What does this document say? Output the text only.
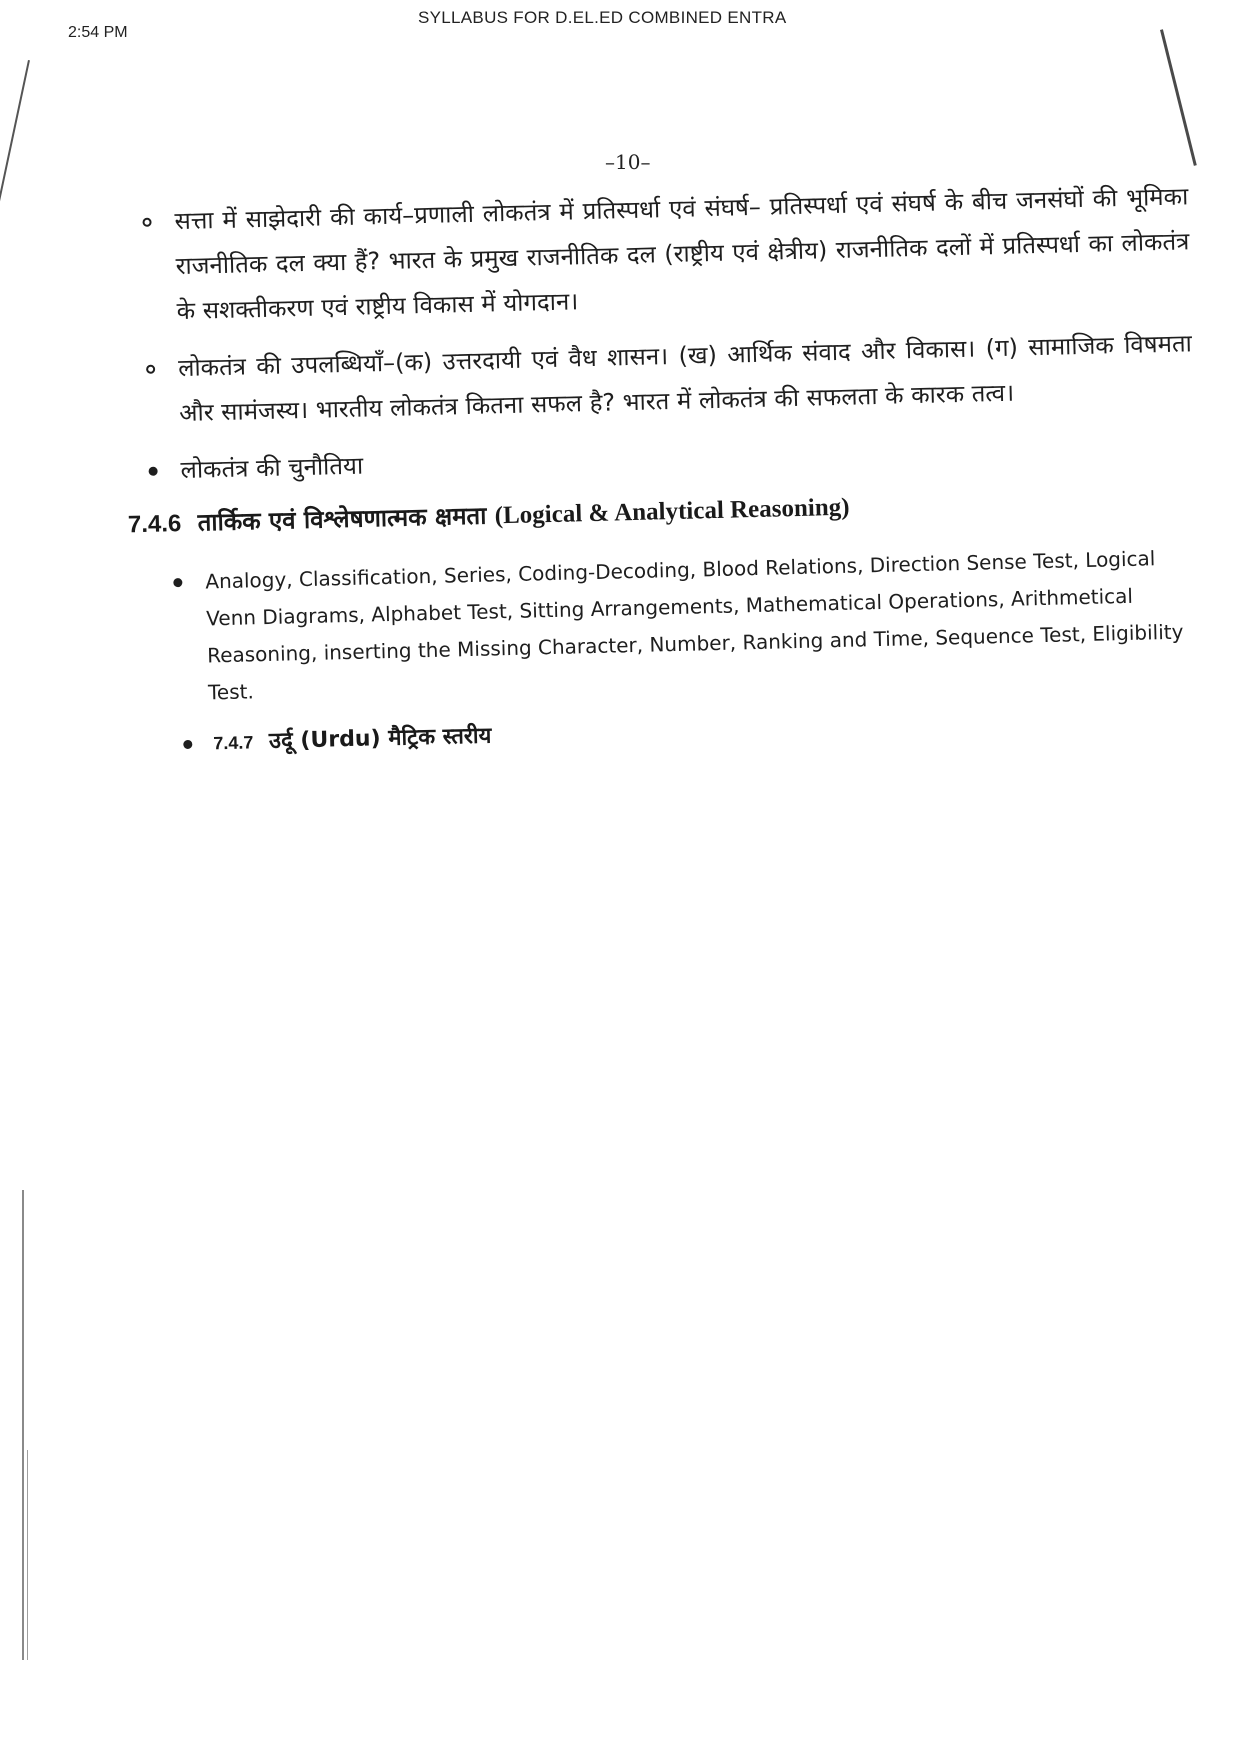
2:54 PM
SYLLABUS FOR D.EL.ED COMBINED ENTRA
–10–
सत्ता में साझेदारी की कार्य–प्रणाली लोकतंत्र में प्रतिस्पर्धा एवं संघर्ष– प्रतिस्पर्धा एवं संघर्ष के बीच जनसंघों की भूमिका राजनीतिक दल क्या हैं? भारत के प्रमुख राजनीतिक दल (राष्ट्रीय एवं क्षेत्रीय) राजनीतिक दलों में प्रतिस्पर्धा का लोकतंत्र के सशक्तीकरण एवं राष्ट्रीय विकास में योगदान।
लोकतंत्र की उपलब्धियाँ–(क) उत्तरदायी एवं वैध शासन। (ख) आर्थिक संवाद और विकास। (ग) सामाजिक विषमता और सामंजस्य। भारतीय लोकतंत्र कितना सफल है? भारत में लोकतंत्र की सफलता के कारक तत्व।
लोकतंत्र की चुनौतिया
7.4.6 तार्किक एवं विश्लेषणात्मक क्षमता (Logical & Analytical Reasoning)
Analogy, Classification, Series, Coding-Decoding, Blood Relations, Direction Sense Test, Logical Venn Diagrams, Alphabet Test, Sitting Arrangements, Mathematical Operations, Arithmetical Reasoning, inserting the Missing Character, Number, Ranking and Time, Sequence Test, Eligibility Test.
7.4.7 उर्दू (Urdu) मैट्रिक स्तरीय
